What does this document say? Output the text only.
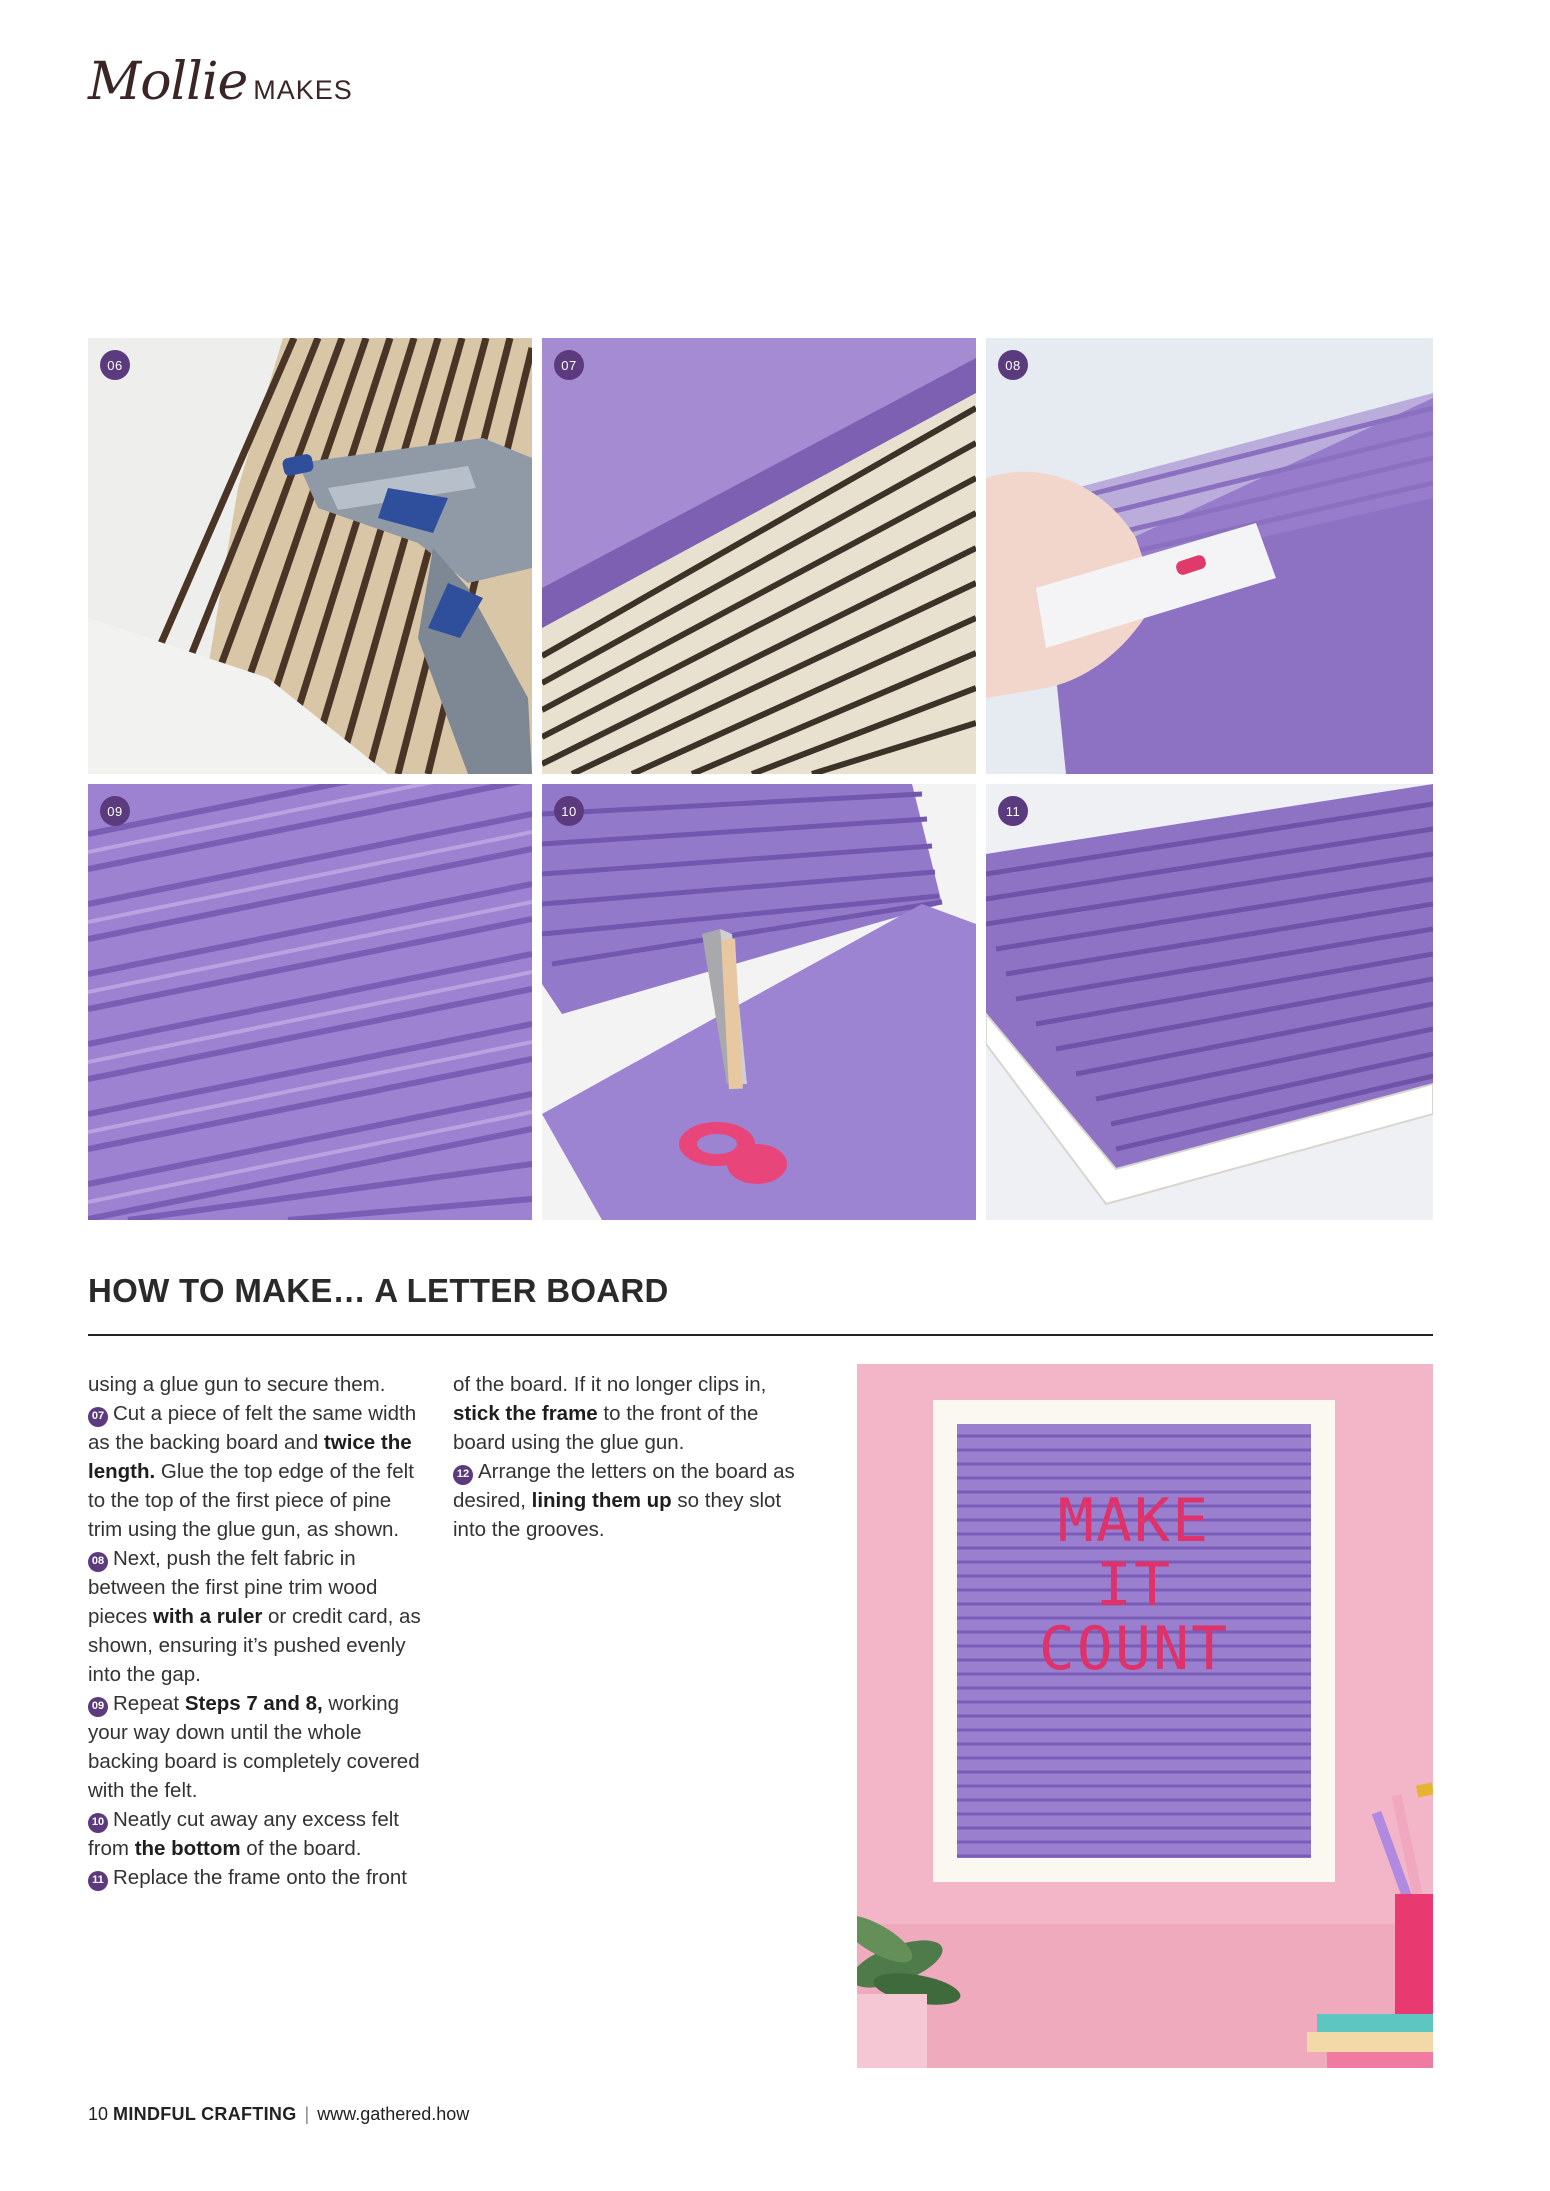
Mollie MAKES
06	07	08
09	10	11
HOW TO MAKE… A LETTER BOARD

using a glue gun to secure them.

07 Cut a piece of felt the same width as the backing board and twice the length. Glue the top edge of the felt to the top of the first piece of pine trim using the glue gun, as shown.

08 Next, push the felt fabric in between the first pine trim wood pieces with a ruler or credit card, as shown, ensuring it’s pushed evenly into the gap.

09 Repeat Steps 7 and 8, working your way down until the whole backing board is completely covered with the felt.

10 Neatly cut away any excess felt from the bottom of the board.

11 Replace the frame onto the front

of the board. If it no longer clips in, stick the frame to the front of the board using the glue gun.

12 Arrange the letters on the board as desired, lining them up so they slot into the grooves.	MAKE
IT
COUNT
10 MINDFUL CRAFTING | www.gathered.how
